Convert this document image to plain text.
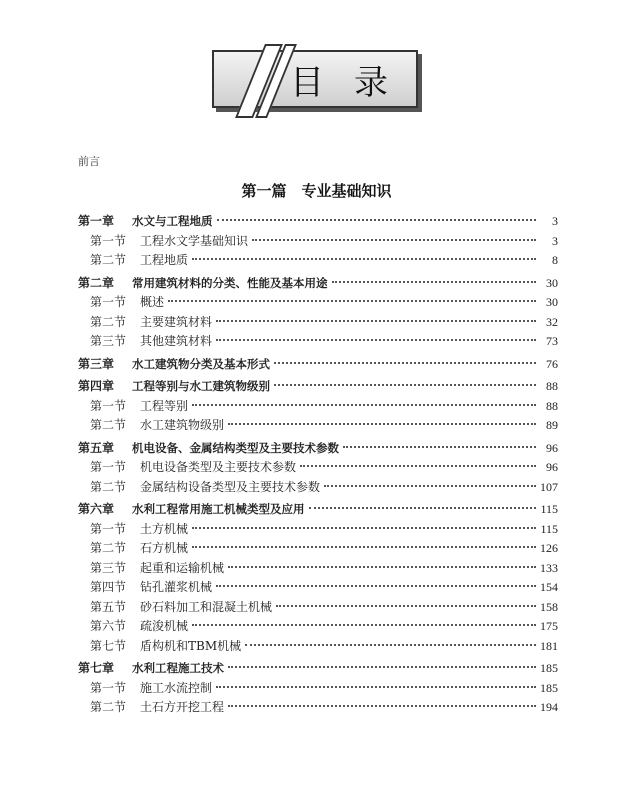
目录
前言
第一篇　专业基础知识
第一章	水文与工程地质	3
第一节	工程水文学基础知识	3
第二节	工程地质	8
第二章	常用建筑材料的分类、性能及基本用途	30
第一节	概述	30
第二节	主要建筑材料	32
第三节	其他建筑材料	73
第三章	水工建筑物分类及基本形式	76
第四章	工程等别与水工建筑物级别	88
第一节	工程等别	88
第二节	水工建筑物级别	89
第五章	机电设备、金属结构类型及主要技术参数	96
第一节	机电设备类型及主要技术参数	96
第二节	金属结构设备类型及主要技术参数	107
第六章	水利工程常用施工机械类型及应用	115
第一节	土方机械	115
第二节	石方机械	126
第三节	起重和运输机械	133
第四节	钻孔灌浆机械	154
第五节	砂石料加工和混凝土机械	158
第六节	疏浚机械	175
第七节	盾构机和TBM机械	181
第七章	水利工程施工技术	185
第一节	施工水流控制	185
第二节	土石方开挖工程	194
